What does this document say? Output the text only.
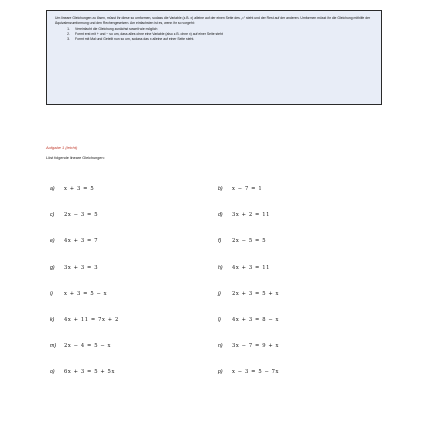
Um lineare Gleichungen zu lösen, müsst ihr diese so umformen, sodass die Variable (z.B. x) alleine auf der einen Seite des „=“ steht und der Rest auf der anderen. Umformen müsst ihr die Gleichung mithilfe der Äquivalenzumformung und den Rechengesetzen. Am einfachsten ist es, wenn ihr so vorgeht:

1.	Vereinfacht die Gleichung zunächst soweit wie möglich
2.	Formt erst mit + und − so um, dass alles ohne eine Variable (also z.B. ohne x) auf einer Seite steht
3.	Formt mit Mal und Geteilt nun so um, sodass das x alleine auf einer Seite steht.
Aufgabe 1 (leicht)
Löst folgende lineare Gleichungen:
a) x + 3 = 5	b) x − 7 = 1
c) 2x − 3 = 5	d) 3x + 2 = 11
e) 4x + 3 = 7	f) 2x − 5 = 5
g) 3x + 3 = 3	h) 4x + 3 = 11
i) x + 3 = 5 − x	j) 2x + 3 = 5 + x
k) 4x + 11 = 7x + 2	l) 4x + 3 = 8 − x
m) 2x − 4 = 5 − x	n) 3x − 7 = 9 + x
o) 6x + 3 = 5 + 5x	p) x − 3 = 5 − 7x
